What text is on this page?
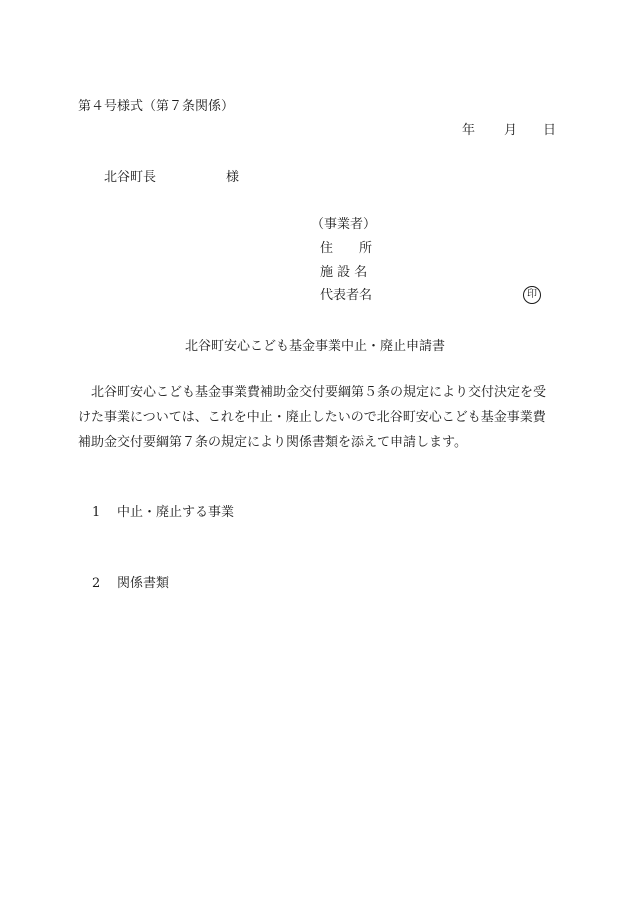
第４号様式（第７条関係）
年 月 日
北谷町長	様
（事業者）
住　　所
施 設 名
代表者名	印
北谷町安心こども基金事業中止・廃止申請書
北谷町安心こども基金事業費補助金交付要綱第５条の規定により交付決定を受けた事業については、これを中止・廃止したいので北谷町安心こども基金事業費補助金交付要綱第７条の規定により関係書類を添えて申請します。
1 中止・廃止する事業
2 関係書類
